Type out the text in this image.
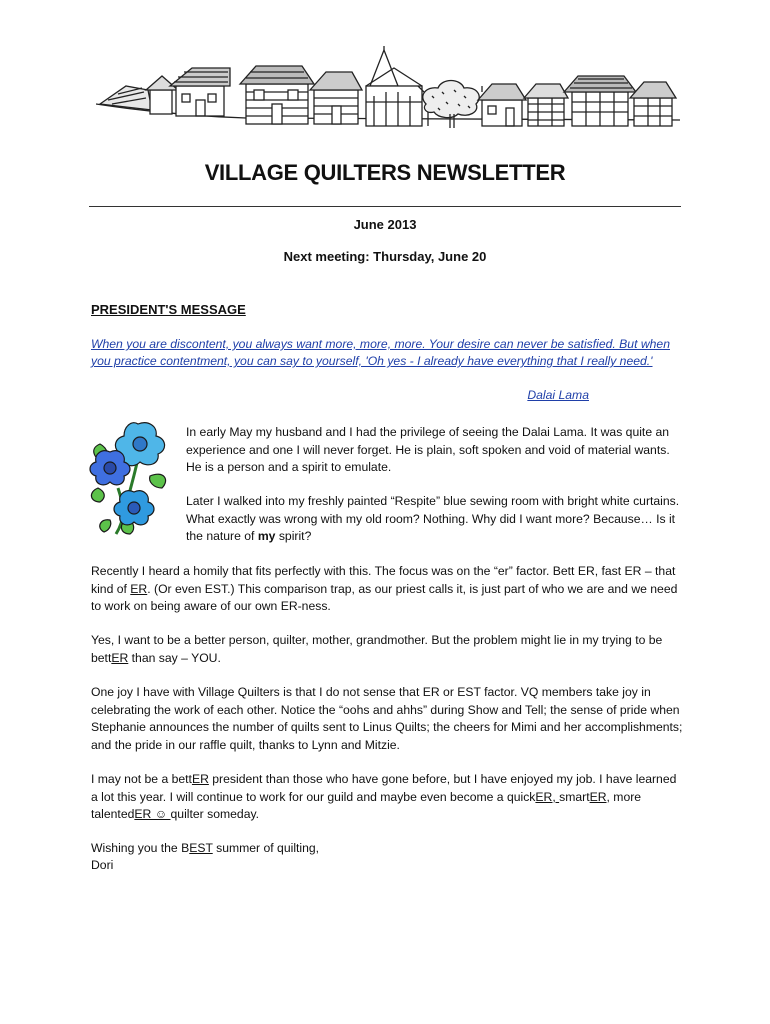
VILLAGE QUILTERS NEWSLETTER

June 2013

Next meeting: Thursday, June 20

PRESIDENT'S MESSAGE

When you are discontent, you always want more, more, more. Your desire can never be satisfied. But when you practice contentment, you can say to yourself, 'Oh yes - I already have everything that I really need.'

Dalai Lama

In early May my husband and I had the privilege of seeing the Dalai Lama. It was quite an experience and one I will never forget. He is plain, soft spoken and void of material wants. He is a person and a spirit to emulate.

Later I walked into my freshly painted “Respite” blue sewing room with bright white curtains. What exactly was wrong with my old room? Nothing. Why did I want more? Because… Is it the nature of my spirit?

Recently I heard a homily that fits perfectly with this. The focus was on the “er” factor. Bett ER, fast ER – that kind of ER. (Or even EST.) This comparison trap, as our priest calls it, is just part of who we are and we need to work on being aware of our own ER-ness.

Yes, I want to be a better person, quilter, mother, grandmother. But the problem might lie in my trying to be bettER than say – YOU.

One joy I have with Village Quilters is that I do not sense that ER or EST factor. VQ members take joy in celebrating the work of each other. Notice the “oohs and ahhs” during Show and Tell; the sense of pride when Stephanie announces the number of quilts sent to Linus Quilts; the cheers for Mimi and her accomplishments; and the pride in our raffle quilt, thanks to Lynn and Mitzie.

I may not be a bettER president than those who have gone before, but I have enjoyed my job. I have learned a lot this year. I will continue to work for our guild and maybe even become a quickER, smartER, more talentedER ☺ quilter someday.

Wishing you the BEST summer of quilting,

Dori
